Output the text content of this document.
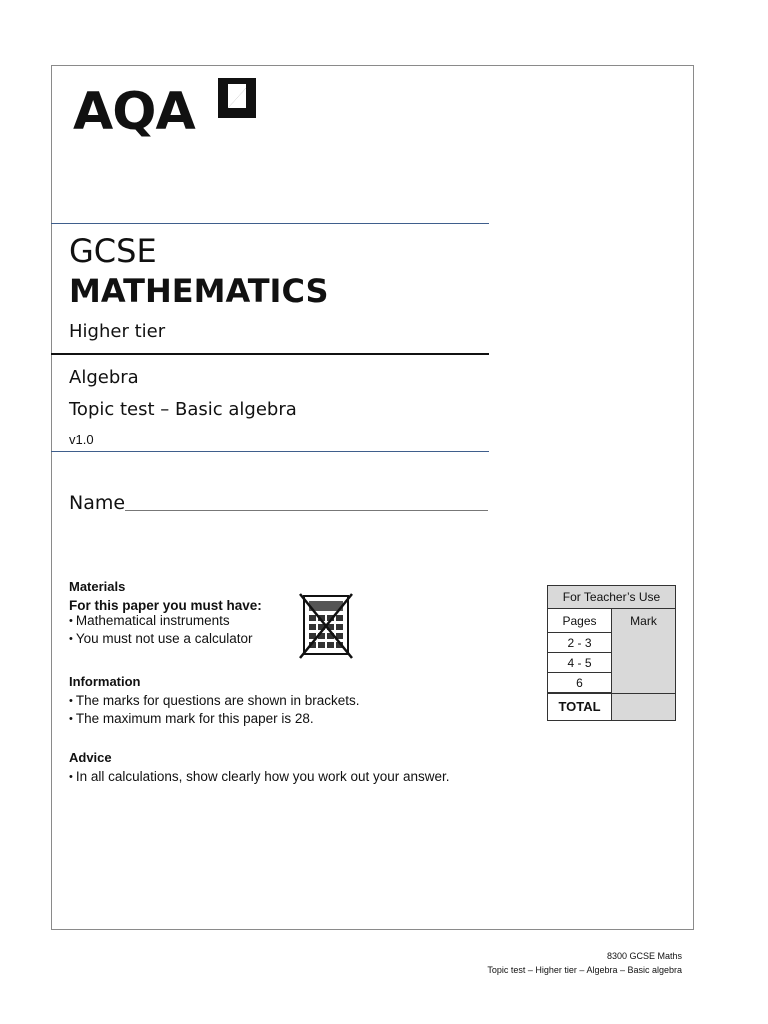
AQA
GCSE
MATHEMATICS
Higher tier
Algebra
Topic test – Basic algebra
v1.0
Name
Materials
For this paper you must have:
• Mathematical instruments
• You must not use a calculator
Information
• The marks for questions are shown in brackets.
• The maximum mark for this paper is 28.
Advice
• In all calculations, show clearly how you work out your answer.
For Teacher’s Use
Pages	Mark
2 - 3
4 - 5
6
TOTAL
8300 GCSE Maths
Topic test – Higher tier – Algebra – Basic algebra
